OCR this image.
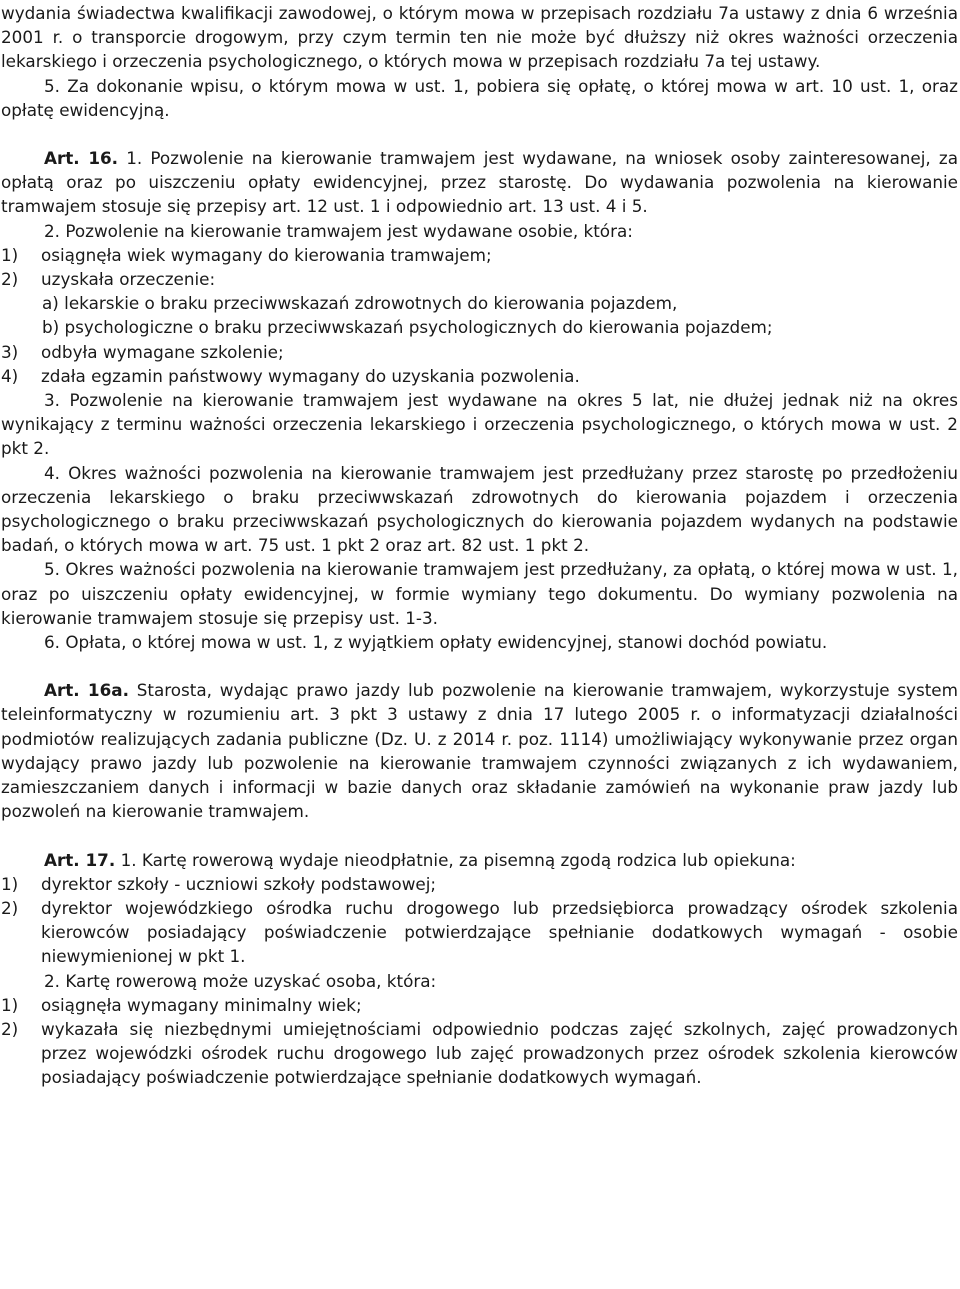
wydania świadectwa kwalifikacji zawodowej, o którym mowa w przepisach rozdziału 7a ustawy z dnia 6 września 2001 r. o transporcie drogowym, przy czym termin ten nie może być dłuższy niż okres ważności orzeczenia lekarskiego i orzeczenia psychologicznego, o których mowa w przepisach rozdziału 7a tej ustawy.

5. Za dokonanie wpisu, o którym mowa w ust. 1, pobiera się opłatę, o której mowa w art. 10 ust. 1, oraz opłatę ewidencyjną.

Art. 16. 1. Pozwolenie na kierowanie tramwajem jest wydawane, na wniosek osoby zainteresowanej, za opłatą oraz po uiszczeniu opłaty ewidencyjnej, przez starostę. Do wydawania pozwolenia na kierowanie tramwajem stosuje się przepisy art. 12 ust. 1 i odpowiednio art. 13 ust. 4 i 5.

2. Pozwolenie na kierowanie tramwajem jest wydawane osobie, która:

1)	osiągnęła wiek wymagany do kierowania tramwajem;
2)	uzyskała orzeczenie:

a) lekarskie o braku przeciwwskazań zdrowotnych do kierowania pojazdem,

b) psychologiczne o braku przeciwwskazań psychologicznych do kierowania pojazdem;

3)	odbyła wymagane szkolenie;
4)	zdała egzamin państwowy wymagany do uzyskania pozwolenia.

3. Pozwolenie na kierowanie tramwajem jest wydawane na okres 5 lat, nie dłużej jednak niż na okres wynikający z terminu ważności orzeczenia lekarskiego i orzeczenia psychologicznego, o których mowa w ust. 2 pkt 2.

4. Okres ważności pozwolenia na kierowanie tramwajem jest przedłużany przez starostę po przedłożeniu orzeczenia lekarskiego o braku przeciwwskazań zdrowotnych do kierowania pojazdem i orzeczenia psychologicznego o braku przeciwwskazań psychologicznych do kierowania pojazdem wydanych na podstawie badań, o których mowa w art. 75 ust. 1 pkt 2 oraz art. 82 ust. 1 pkt 2.

5. Okres ważności pozwolenia na kierowanie tramwajem jest przedłużany, za opłatą, o której mowa w ust. 1, oraz po uiszczeniu opłaty ewidencyjnej, w formie wymiany tego dokumentu. Do wymiany pozwolenia na kierowanie tramwajem stosuje się przepisy ust. 1-3.

6. Opłata, o której mowa w ust. 1, z wyjątkiem opłaty ewidencyjnej, stanowi dochód powiatu.

Art. 16a. Starosta, wydając prawo jazdy lub pozwolenie na kierowanie tramwajem, wykorzystuje system teleinformatyczny w rozumieniu art. 3 pkt 3 ustawy z dnia 17 lutego 2005 r. o informatyzacji działalności podmiotów realizujących zadania publiczne (Dz. U. z 2014 r. poz. 1114) umożliwiający wykonywanie przez organ wydający prawo jazdy lub pozwolenie na kierowanie tramwajem czynności związanych z ich wydawaniem, zamieszczaniem danych i informacji w bazie danych oraz składanie zamówień na wykonanie praw jazdy lub pozwoleń na kierowanie tramwajem.

Art. 17. 1. Kartę rowerową wydaje nieodpłatnie, za pisemną zgodą rodzica lub opiekuna:

1)	dyrektor szkoły - uczniowi szkoły podstawowej;
2)	dyrektor wojewódzkiego ośrodka ruchu drogowego lub przedsiębiorca prowadzący ośrodek szkolenia kierowców posiadający poświadczenie potwierdzające spełnianie dodatkowych wymagań - osobie niewymienionej w pkt 1.

2. Kartę rowerową może uzyskać osoba, która:

1)	osiągnęła wymagany minimalny wiek;
2)	wykazała się niezbędnymi umiejętnościami odpowiednio podczas zajęć szkolnych, zajęć prowadzonych przez wojewódzki ośrodek ruchu drogowego lub zajęć prowadzonych przez ośrodek szkolenia kierowców posiadający poświadczenie potwierdzające spełnianie dodatkowych wymagań.
